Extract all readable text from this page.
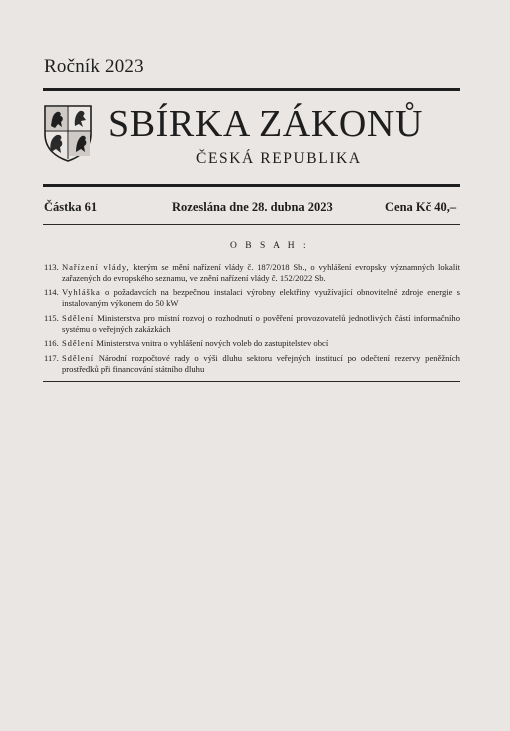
Ročník 2023
SBÍRKA ZÁKONŮ
ČESKÁ REPUBLIKA
Částka 61	Rozeslána dne 28. dubna 2023	Cena Kč 40,–
O B S A H :
113. Nařízení vlády, kterým se mění nařízení vlády č. 187/2018 Sb., o vyhlášení evropsky významných lokalit zařazených do evropského seznamu, ve znění nařízení vlády č. 152/2022 Sb.
114. Vyhláška o požadavcích na bezpečnou instalaci výrobny elektřiny využívající obnovitelné zdroje energie s instalovaným výkonem do 50 kW
115. Sdělení Ministerstva pro místní rozvoj o rozhodnutí o pověření provozovatelů jednotlivých částí informačního systému o veřejných zakázkách
116. Sdělení Ministerstva vnitra o vyhlášení nových voleb do zastupitelstev obcí
117. Sdělení Národní rozpočtové rady o výši dluhu sektoru veřejných institucí po odečtení rezervy peněžních prostředků při financování státního dluhu
